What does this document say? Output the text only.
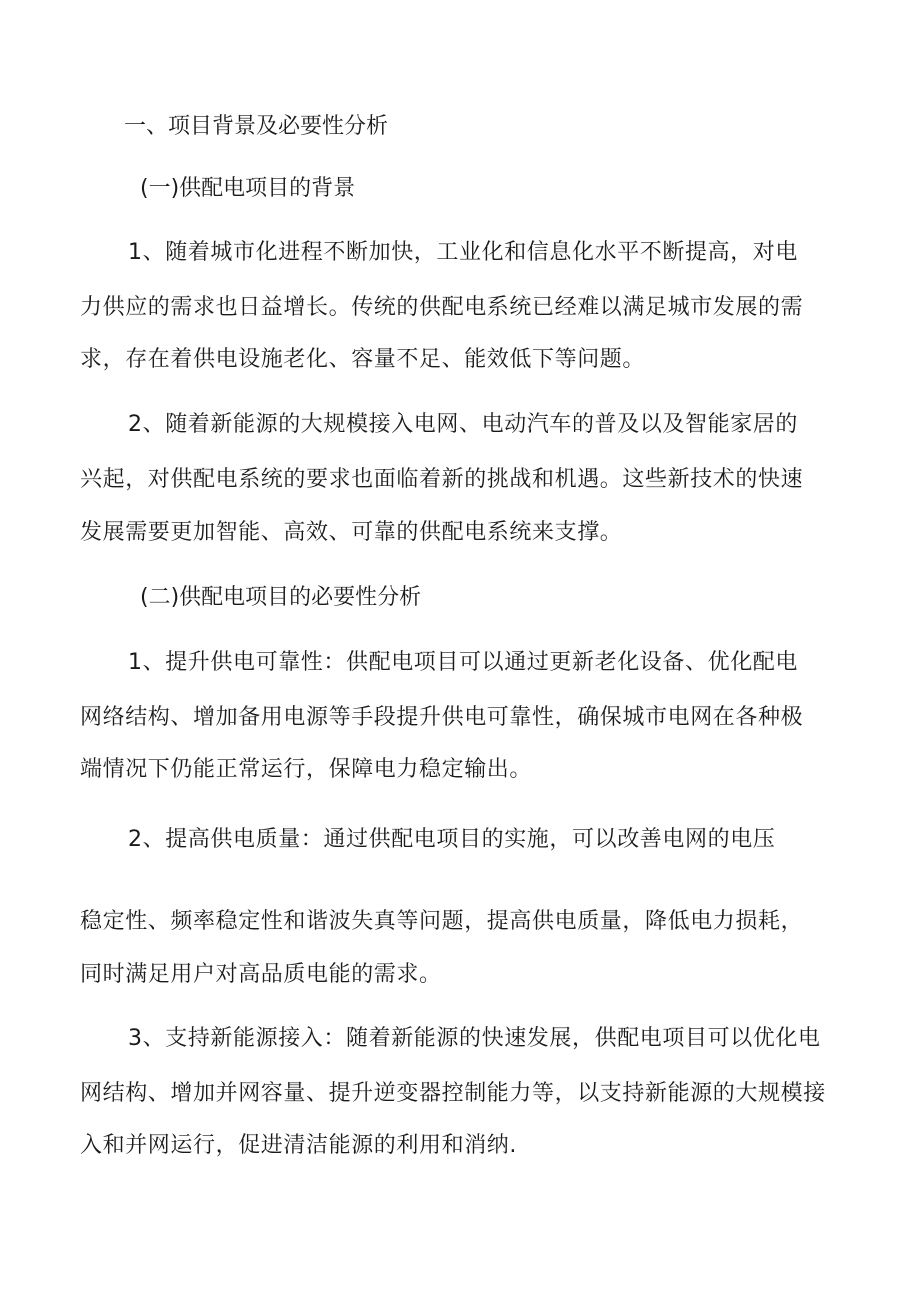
一、项目背景及必要性分析
(一)供配电项目的背景
1、随着城市化进程不断加快，工业化和信息化水平不断提高，对电
力供应的需求也日益增长。传统的供配电系统已经难以满足城市发展的需
求，存在着供电设施老化、容量不足、能效低下等问题。
2、随着新能源的大规模接入电网、电动汽车的普及以及智能家居的
兴起，对供配电系统的要求也面临着新的挑战和机遇。这些新技术的快速
发展需要更加智能、高效、可靠的供配电系统来支撑。
(二)供配电项目的必要性分析
1、提升供电可靠性：供配电项目可以通过更新老化设备、优化配电
网络结构、增加备用电源等手段提升供电可靠性，确保城市电网在各种极
端情况下仍能正常运行，保障电力稳定输出。
2、提高供电质量：通过供配电项目的实施，可以改善电网的电压
稳定性、频率稳定性和谐波失真等问题，提高供电质量，降低电力损耗，
同时满足用户对高品质电能的需求。
3、支持新能源接入：随着新能源的快速发展，供配电项目可以优化电
网结构、增加并网容量、提升逆变器控制能力等，以支持新能源的大规模接
入和并网运行，促进清洁能源的利用和消纳.
